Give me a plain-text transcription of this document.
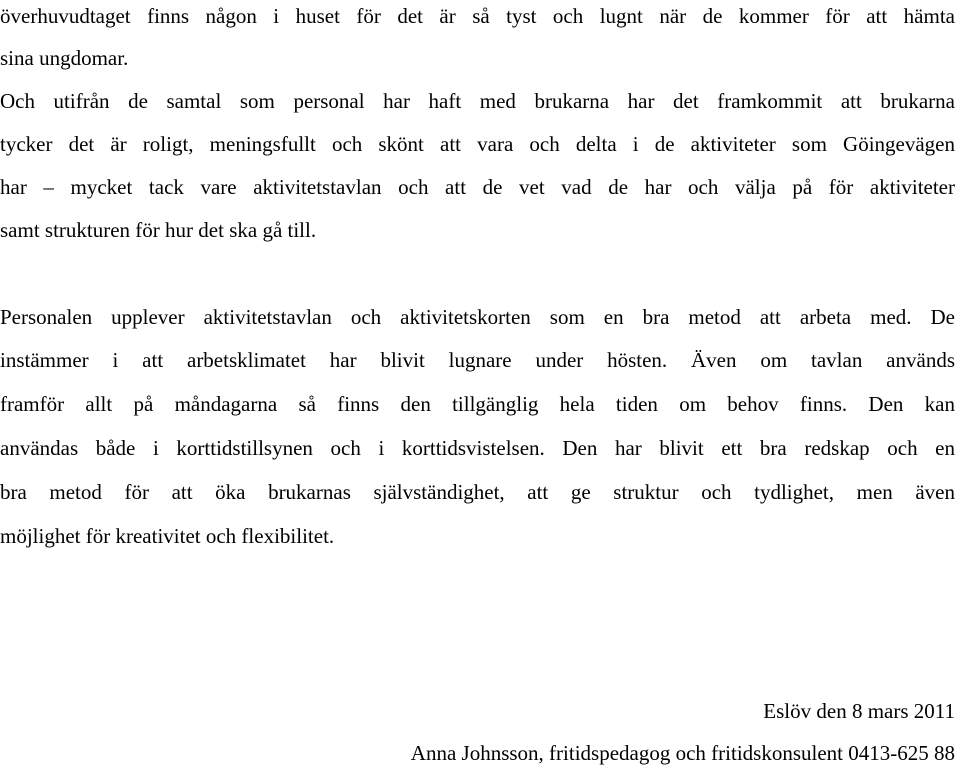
överhuvudtaget finns någon i huset för det är så tyst och lugnt när de kommer för att hämta
sina ungdomar.
Och utifrån de samtal som personal har haft med brukarna har det framkommit att brukarna
tycker det är roligt, meningsfullt och skönt att vara och delta i de aktiviteter som Göingevägen
har – mycket tack vare aktivitetstavlan och att de vet vad de har och välja på för aktiviteter
samt strukturen för hur det ska gå till.
Personalen upplever aktivitetstavlan och aktivitetskorten som en bra metod att arbeta med. De
instämmer i att arbetsklimatet har blivit lugnare under hösten. Även om tavlan används
framför allt på måndagarna så finns den tillgänglig hela tiden om behov finns. Den kan
användas både i korttidstillsynen och i korttidsvistelsen. Den har blivit ett bra redskap och en
bra metod för att öka brukarnas självständighet, att ge struktur och tydlighet, men även
möjlighet för kreativitet och flexibilitet.
Eslöv den 8 mars 2011
Anna Johnsson, fritidspedagog och fritidskonsulent 0413-625 88
